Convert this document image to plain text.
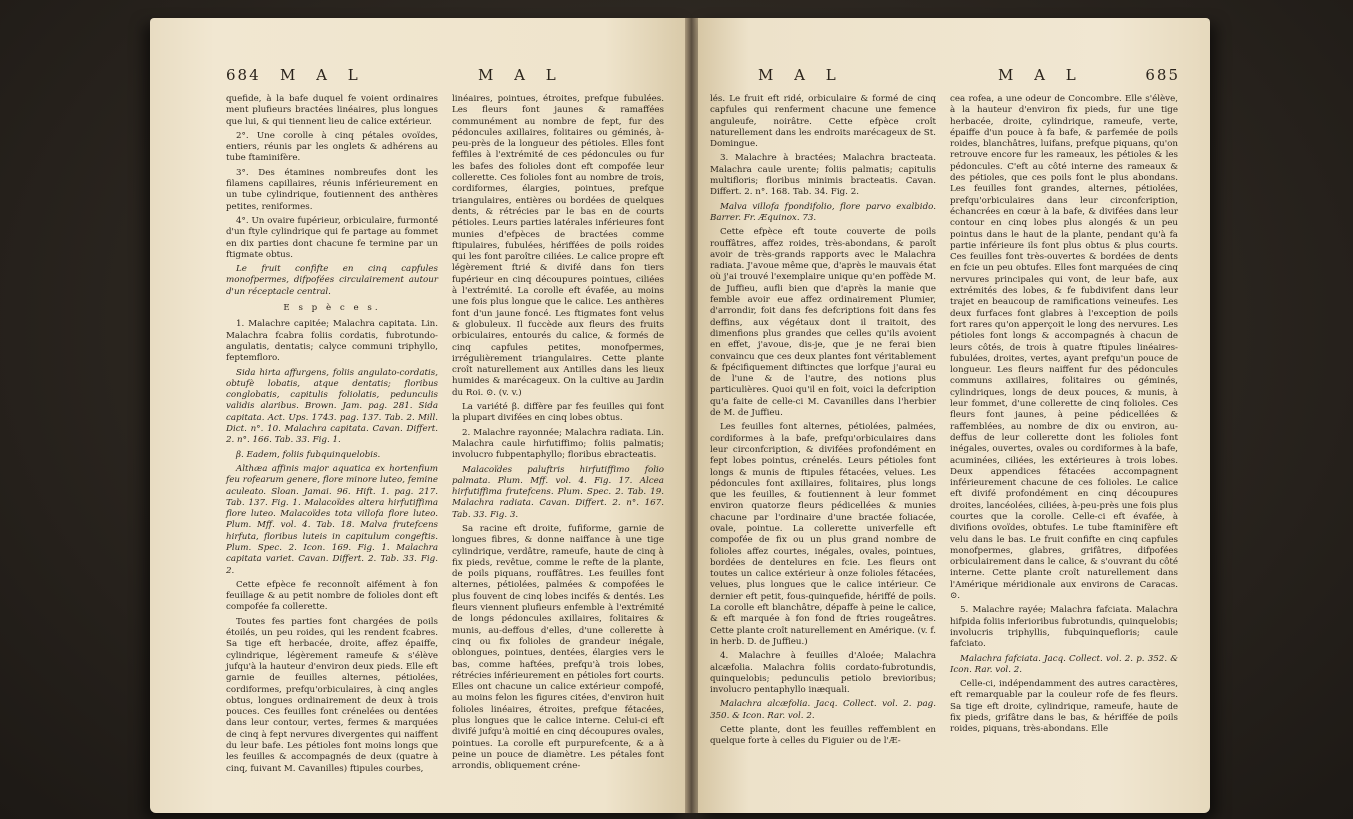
684 M A L	M A L

quefide, à la bafe duquel fe voient ordinaires ment plufieurs bractées linéaires, plus longues que lui, & qui tiennent lieu de calice extérieur.

2°. Une corolle à cinq pétales ovoïdes, entiers, réunis par les onglets & adhérens au tube ftaminifère.

3°. Des étamines nombreufes dont les filamens capillaires, réunis inférieurement en un tube cylindrique, foutiennent des anthères petites, reniformes.

4°. Un ovaire fupérieur, orbiculaire, furmonté d'un ftyle cylindrique qui fe partage au fommet en dix parties dont chacune fe termine par un ftigmate obtus.

Le fruit confifte en cinq capfules monofpermes, difpofées circulairement autour d'un réceptacle central.

E s p è c e s.

1. Malachre capitée; Malachra capitata. Lin. Malachra fcabra foliis cordatis, fubrotundo-angulatis, dentatis; calyce communi triphyllo, feptemfloro.

Sida hirta affurgens, foliis angulato-cordatis, obtufè lobatis, atque dentatis; floribus conglobatis, capitulis foliolatis, pedunculis validis alaribus. Brown. Jam. pag. 281. Sida capitata. Act. Ups. 1743. pag. 137. Tab. 2. Mill. Dict. n°. 10. Malachra capitata. Cavan. Differt. 2. n°. 166. Tab. 33. Fig. 1.

β. Eadem, foliis fubquinquelobis.

Althæa affinis major aquatica ex hortenfium feu rofearum genere, flore minore luteo, femine aculeato. Sloan. Jamai. 96. Hift. 1. pag. 217. Tab. 137. Fig. 1. Malacoïdes altera hirfutiffima flore luteo. Malacoïdes tota villofa flore luteo. Plum. Mff. vol. 4. Tab. 18. Malva frutefcens hirfuta, floribus luteis in capitulum congeftis. Plum. Spec. 2. Icon. 169. Fig. 1. Malachra capitata variet. Cavan. Differt. 2. Tab. 33. Fig. 2.

Cette efpèce fe reconnoît aifément à fon feuillage & au petit nombre de folioles dont eft compofée fa collerette.

Toutes fes parties font chargées de poils étoilés, un peu roides, qui les rendent fcabres. Sa tige eft herbacée, droite, affez épaiffe, cylindrique, légèrement rameufe & s'élève jufqu'à la hauteur d'environ deux pieds. Elle eft garnie de feuilles alternes, pétiolées, cordiformes, prefqu'orbiculaires, à cinq angles obtus, longues ordinairement de deux à trois pouces. Ces feuilles font crénelées ou dentées dans leur contour, vertes, fermes & marquées de cinq à fept nervures divergentes qui naiffent du leur bafe. Les pétioles font moins longs que les feuilles & accompagnés de deux (quatre à cinq, fuivant M. Cavanilles) ftipules courbes,

linéaires, pointues, étroites, prefque fubulées. Les fleurs font jaunes & ramaffées communément au nombre de fept, fur des pédoncules axillaires, folitaires ou géminés, à-peu-près de la longueur des pétioles. Elles font feffiles à l'extrémité de ces pédoncules ou fur les bafes des folioles dont eft compofée leur collerette. Ces folioles font au nombre de trois, cordiformes, élargies, pointues, prefque triangulaires, entières ou bordées de quelques dents, & rétrécies par le bas en de courts pétioles. Leurs parties latérales inférieures font munies d'efpèces de bractées comme ftipulaires, fubulées, hériffées de poils roides qui les font paroître ciliées. Le calice propre eft légèrement ftrié & divifé dans fon tiers fupérieur en cinq découpures pointues, ciliées à l'extrémité. La corolle eft évafée, au moins une fois plus longue que le calice. Les anthères font d'un jaune foncé. Les ftigmates font velus & globuleux. Il fuccède aux fleurs des fruits orbiculaires, entourés du calice, & formés de cinq capfules petites, monofpermes, irrégulièrement triangulaires. Cette plante croît naturellement aux Antilles dans les lieux humides & marécageux. On la cultive au Jardin du Roi. ⊙. (v. v.)

La variété β. diffère par fes feuilles qui font la plupart divifées en cinq lobes obtus.

2. Malachre rayonnée; Malachra radiata. Lin. Malachra caule hirfutiffimo; foliis palmatis; involucro fubpentaphyllo; floribus ebracteatis.

Malacoïdes paluftris hirfutiffimo folio palmata. Plum. Mff. vol. 4. Fig. 17. Alcea hirfutiffima frutefcens. Plum. Spec. 2. Tab. 19. Malachra radiata. Cavan. Differt. 2. n°. 167. Tab. 33. Fig. 3.

Sa racine eft droite, fufiforme, garnie de longues fibres, & donne naiffance à une tige cylindrique, verdâtre, rameufe, haute de cinq à fix pieds, revêtue, comme le refte de la plante, de poils piquans, rouffâtres. Les feuilles font alternes, pétiolées, palmées & compofées le plus fouvent de cinq lobes incifés & dentés. Les fleurs viennent plufieurs enfemble à l'extrémité de longs pédoncules axillaires, folitaires & munis, au-deffous d'elles, d'une collerette à cinq ou fix folioles de grandeur inégale, oblongues, pointues, dentées, élargies vers le bas, comme haftées, prefqu'à trois lobes, rétrécies inférieurement en pétioles fort courts. Elles ont chacune un calice extérieur compofé, au moins felon les figures citées, d'environ huit folioles linéaires, étroites, prefque fétacées, plus longues que le calice interne. Celui-ci eft divifé jufqu'à moitié en cinq découpures ovales, pointues. La corolle eft purpurefcente, & a à peine un pouce de diamètre. Les pétales font arrondis, obliquement créne-

M A L	M A L	685

lés. Le fruit eft ridé, orbiculaire & formé de cinq capfules qui renferment chacune une femence anguleufe, noirâtre. Cette efpèce croît naturellement dans les endroits marécageux de St. Domingue.

3. Malachre à bractées; Malachra bracteata. Malachra caule urente; foliis palmatis; capitulis multifloris; floribus minimis bracteatis. Cavan. Differt. 2. n°. 168. Tab. 34. Fig. 2.

Malva villofa fpondifolio, flore parvo exalbido. Barrer. Fr. Æquinox. 73.

Cette efpèce eft toute couverte de poils rouffâtres, affez roides, très-abondans, & paroît avoir de très-grands rapports avec le Malachra radiata. J'avoue même que, d'après le mauvais état où j'ai trouvé l'exemplaire unique qu'en poffède M. de Juffieu, aufli bien que d'après la manie que femble avoir eue affez ordinairement Plumier, d'arrondir, foit dans fes defcriptions foit dans fes deffins, aux végétaux dont il traitoit, des dimenfions plus grandes que celles qu'ils avoient en effet, j'avoue, dis-je, que je ne ferai bien convaincu que ces deux plantes font véritablement & fpécifiquement diftinctes que lorfque j'aurai eu de l'une & de l'autre, des notions plus particulières. Quoi qu'il en foit, voici la defcription qu'a faite de celle-ci M. Cavanilles dans l'herbier de M. de Juffieu.

Les feuilles font alternes, pétiolées, palmées, cordiformes à la bafe, prefqu'orbiculaires dans leur circonfcription, & divifées profondément en fept lobes pointus, crénelés. Leurs pétioles font longs & munis de ftipules fétacées, velues. Les pédoncules font axillaires, folitaires, plus longs que les feuilles, & foutiennent à leur fommet environ quatorze fleurs pédicellées & munies chacune par l'ordinaire d'une bractée foliacée, ovale, pointue. La collerette univerfelle eft compofée de fix ou un plus grand nombre de folioles affez courtes, inégales, ovales, pointues, bordées de dentelures en fcie. Les fleurs ont toutes un calice extérieur à onze folioles fétacées, velues, plus longues que le calice intérieur. Ce dernier eft petit, fous-quinquefide, hériffé de poils. La corolle eft blanchâtre, dépaffe à peine le calice, & eft marquée à fon fond de ftries rougeâtres. Cette plante croît naturellement en Amérique. (v. f. in herb. D. de Juffieu.)

4. Malachre à feuilles d'Aloée; Malachra alcæfolia. Malachra foliis cordato-fubrotundis, quinquelobis; pedunculis petiolo brevioribus; involucro pentaphyllo inæquali.

Malachra alcæfolia. Jacq. Collect. vol. 2. pag. 350. & Icon. Rar. vol. 2.

Cette plante, dont les feuilles reffemblent en quelque forte à celles du Figuier ou de l'Æ-

cea rofea, a une odeur de Concombre. Elle s'élève, à la hauteur d'environ fix pieds, fur une tige herbacée, droite, cylindrique, rameufe, verte, épaiffe d'un pouce à fa bafe, & parfemée de poils roides, blanchâtres, luifans, prefque piquans, qu'on retrouve encore fur les rameaux, les pétioles & les pédoncules. C'eft au côté interne des rameaux & des pétioles, que ces poils font le plus abondans. Les feuilles font grandes, alternes, pétiolées, prefqu'orbiculaires dans leur circonfcription, échancrées en cœur à la bafe, & divifées dans leur contour en cinq lobes plus alongés & un peu pointus dans le haut de la plante, pendant qu'à fa partie inférieure ils font plus obtus & plus courts. Ces feuilles font très-ouvertes & bordées de dents en fcie un peu obtufes. Elles font marquées de cinq nervures principales qui vont, de leur bafe, aux extrémités des lobes, & fe fubdivifent dans leur trajet en beaucoup de ramifications veineufes. Les deux furfaces font glabres à l'exception de poils fort rares qu'on apperçoit le long des nervures. Les pétioles font longs & accompagnés à chacun de leurs côtés, de trois à quatre ftipules linéaires-fubulées, droites, vertes, ayant prefqu'un pouce de longueur. Les fleurs naiffent fur des pédoncules communs axillaires, folitaires ou géminés, cylindriques, longs de deux pouces, & munis, à leur fommet, d'une collerette de cinq folioles. Ces fleurs font jaunes, à peine pédicellées & raffemblées, au nombre de dix ou environ, au-deffus de leur collerette dont les folioles font inégales, ouvertes, ovales ou cordiformes à la bafe, acuminées, ciliées, les extérieures à trois lobes. Deux appendices fétacées accompagnent inférieurement chacune de ces folioles. Le calice eft divifé profondément en cinq découpures droites, lancéolées, ciliées, à-peu-près une fois plus courtes que la corolle. Celle-ci eft évafée, à divifions ovoïdes, obtufes. Le tube ftaminifère eft velu dans le bas. Le fruit confifte en cinq capfules monofpermes, glabres, grifâtres, difpofées orbiculairement dans le calice, & s'ouvrant du côté interne. Cette plante croît naturellement dans l'Amérique méridionale aux environs de Caracas. ⊙.

5. Malachre rayée; Malachra fafciata. Malachra hifpida foliis inferioribus fubrotundis, quinquelobis; involucris triphyllis, fubquinquefloris; caule fafciato.

Malachra fafciata. Jacq. Collect. vol. 2. p. 352. & Icon. Rar. vol. 2.

Celle-ci, indépendamment des autres caractères, eft remarquable par la couleur rofe de fes fleurs. Sa tige eft droite, cylindrique, rameufe, haute de fix pieds, grifâtre dans le bas, & hériffée de poils roides, piquans, très-abondans. Elle
